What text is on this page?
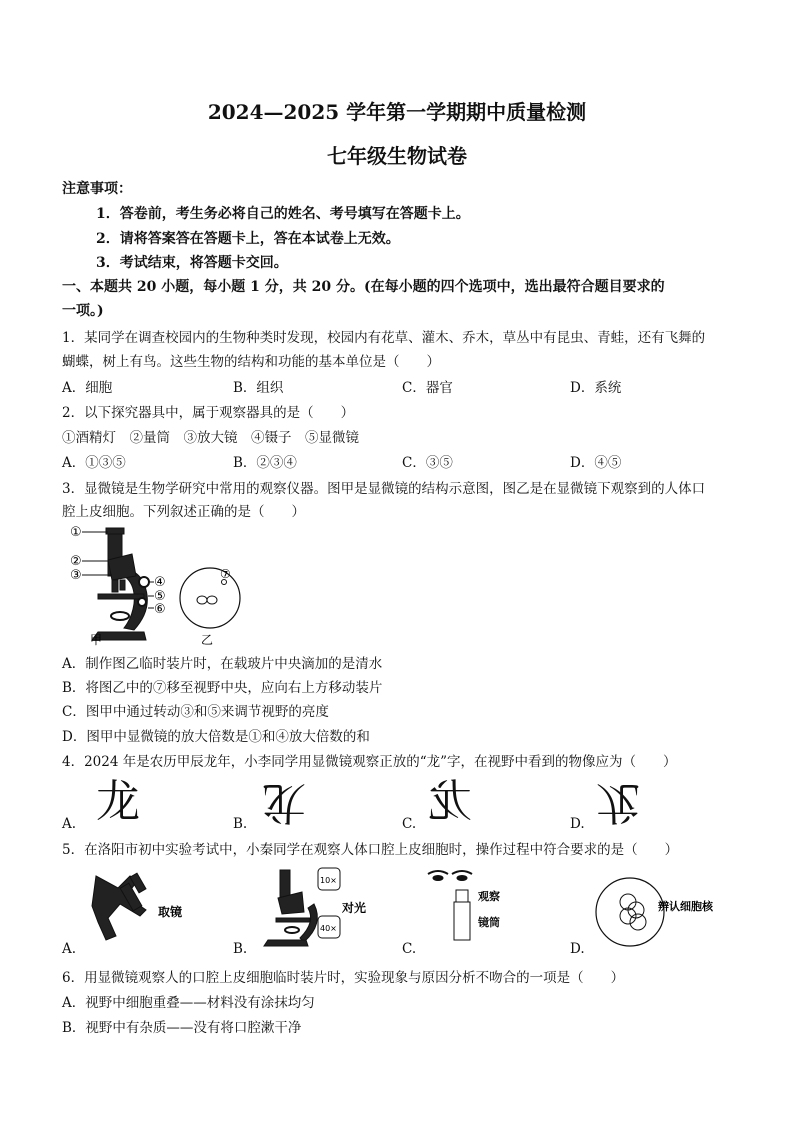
2024—2025 学年第一学期期中质量检测
七年级生物试卷
注意事项：
1．答卷前，考生务必将自己的姓名、考号填写在答题卡上。
2．请将答案答在答题卡上，答在本试卷上无效。
3．考试结束，将答题卡交回。
一、本题共 20 小题，每小题 1 分，共 20 分。(在每小题的四个选项中，选出最符合题目要求的
一项。)
1．某同学在调查校园内的生物种类时发现，校园内有花草、灌木、乔木，草丛中有昆虫、青蛙，还有飞舞的
蝴蝶，树上有鸟。这些生物的结构和功能的基本单位是（　　）
A．细胞	B．组织	C．器官	D．系统
2．以下探究器具中，属于观察器具的是（　　）
①酒精灯　②量筒　③放大镜　④镊子　⑤显微镜
A．①③⑤	B．②③④	C．③⑤	D．④⑤
3．显微镜是生物学研究中常用的观察仪器。图甲是显微镜的结构示意图，图乙是在显微镜下观察到的人体口
腔上皮细胞。下列叙述正确的是（　　）
①
②
③	④
⑤
⑥
甲
⑦
乙
A．制作图乙临时装片时，在载玻片中央滴加的是清水
B．将图乙中的⑦移至视野中央，应向右上方移动装片
C．图甲中通过转动③和⑤来调节视野的亮度
D．图甲中显微镜的放大倍数是①和④放大倍数的和
4．2024 年是农历甲辰龙年，小李同学用显微镜观察正放的“龙”字，在视野中看到的物像应为（　　）
A.	B.	C.	D.
龙	龙	龙	龙
5．在洛阳市初中实验考试中，小秦同学在观察人体口腔上皮细胞时，操作过程中符合要求的是（　　）
取镜
10×
40×
对光
观察
镜筒
辨认细胞核
A.	B.	C.	D.
6．用显微镜观察人的口腔上皮细胞临时装片时，实验现象与原因分析不吻合的一项是（　　）
A．视野中细胞重叠——材料没有涂抹均匀
B．视野中有杂质——没有将口腔漱干净
